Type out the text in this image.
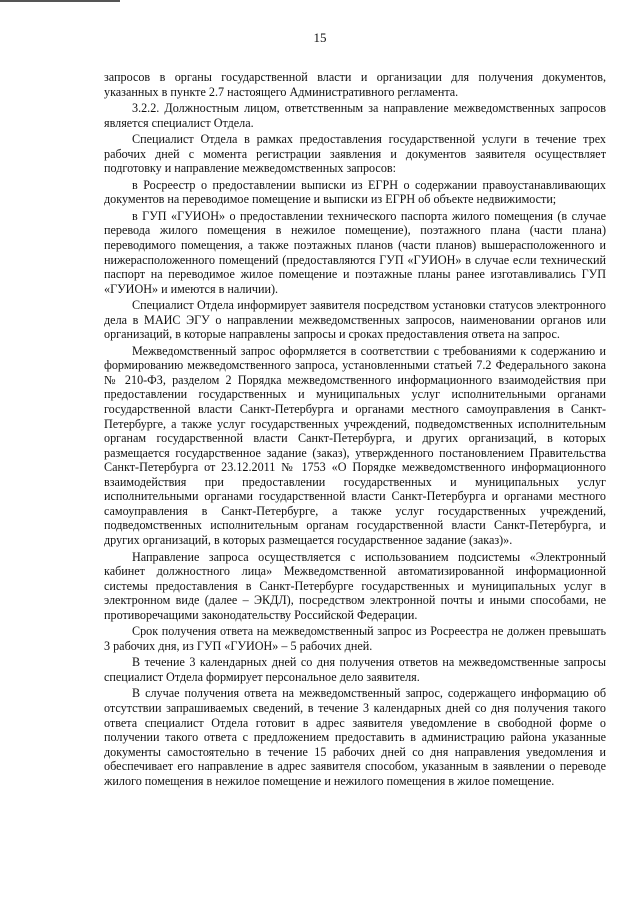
15

запросов в органы государственной власти и организации для получения документов, указанных в пункте 2.7 настоящего Административного регламента.

3.2.2. Должностным лицом, ответственным за направление межведомственных запросов является специалист Отдела.

Специалист Отдела в рамках предоставления государственной услуги в течение трех рабочих дней с момента регистрации заявления и документов заявителя осуществляет подготовку и направление межведомственных запросов:

в Росреестр о предоставлении выписки из ЕГРН о содержании правоустанавливающих документов на переводимое помещение и выписки из ЕГРН об объекте недвижимости;

в ГУП «ГУИОН» о предоставлении технического паспорта жилого помещения (в случае перевода жилого помещения в нежилое помещение), поэтажного плана (части плана) переводимого помещения, а также поэтажных планов (части планов) вышерасположенного и нижерасположенного помещений (предоставляются ГУП «ГУИОН» в случае если технический паспорт на переводимое жилое помещение и поэтажные планы ранее изготавливались ГУП «ГУИОН» и имеются в наличии).

Специалист Отдела информирует заявителя посредством установки статусов электронного дела в МАИС ЭГУ о направлении межведомственных запросов, наименовании органов или организаций, в которые направлены запросы и сроках предоставления ответа на запрос.

Межведомственный запрос оформляется в соответствии с требованиями к содержанию и формированию межведомственного запроса, установленными статьей 7.2 Федерального закона № 210-ФЗ, разделом 2 Порядка межведомственного информационного взаимодействия при предоставлении государственных и муниципальных услуг исполнительными органами государственной власти Санкт-Петербурга и органами местного самоуправления в Санкт-Петербурге, а также услуг государственных учреждений, подведомственных исполнительным органам государственной власти Санкт-Петербурга, и других организаций, в которых размещается государственное задание (заказ), утвержденного постановлением Правительства Санкт-Петербурга от 23.12.2011 № 1753 «О Порядке межведомственного информационного взаимодействия при предоставлении государственных и муниципальных услуг исполнительными органами государственной власти Санкт-Петербурга и органами местного самоуправления в Санкт-Петербурге, а также услуг государственных учреждений, подведомственных исполнительным органам государственной власти Санкт-Петербурга, и других организаций, в которых размещается государственное задание (заказ)».

Направление запроса осуществляется с использованием подсистемы «Электронный кабинет должностного лица» Межведомственной автоматизированной информационной системы предоставления в Санкт-Петербурге государственных и муниципальных услуг в электронном виде (далее – ЭКДЛ), посредством электронной почты и иными способами, не противоречащими законодательству Российской Федерации.

Срок получения ответа на межведомственный запрос из Росреестра не должен превышать 3 рабочих дня, из ГУП «ГУИОН» – 5 рабочих дней.

В течение 3 календарных дней со дня получения ответов на межведомственные запросы специалист Отдела формирует персональное дело заявителя.

В случае получения ответа на межведомственный запрос, содержащего информацию об отсутствии запрашиваемых сведений, в течение 3 календарных дней со дня получения такого ответа специалист Отдела готовит в адрес заявителя уведомление в свободной форме о получении такого ответа с предложением предоставить в администрацию района указанные документы самостоятельно в течение 15 рабочих дней со дня направления уведомления и обеспечивает его направление в адрес заявителя способом, указанным в заявлении о переводе жилого помещения в нежилое помещение и нежилого помещения в жилое помещение.
